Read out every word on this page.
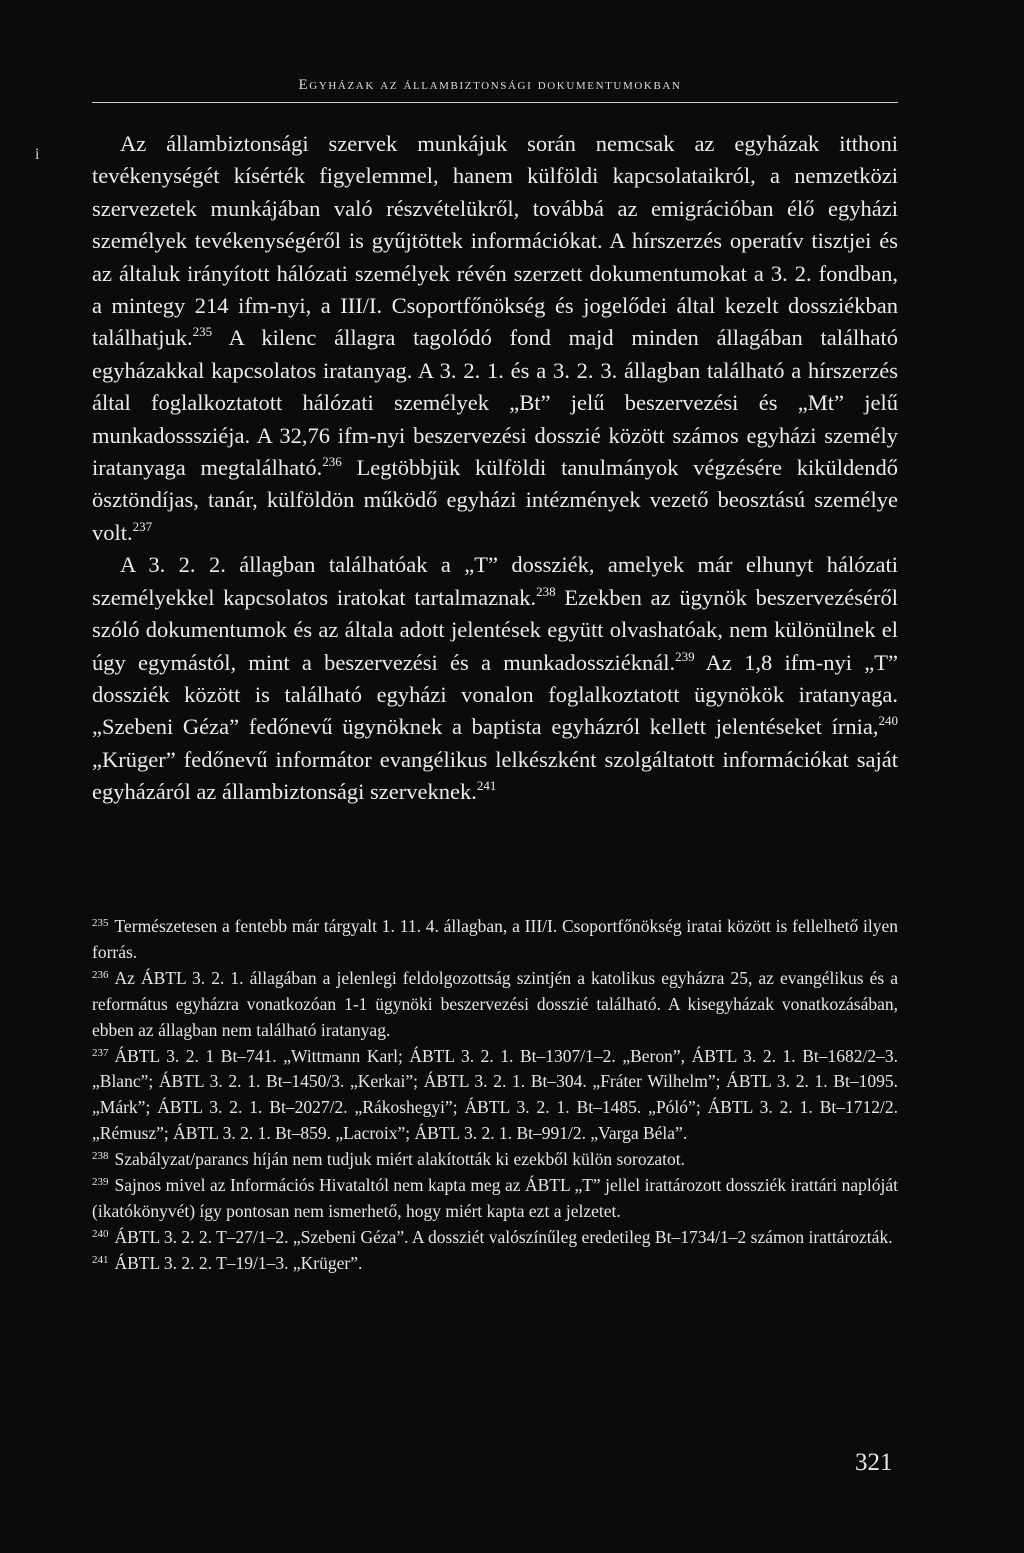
Egyházak az állambiztonsági dokumentumokban
i	Az állambiztonsági szervek munkájuk során nemcsak az egyházak itthoni tevékenységét kísérték figyelemmel, hanem külföldi kapcsolataikról, a nemzetközi szervezetek munkájában való részvételükről, továbbá az emigrációban élő egyházi személyek tevékenységéről is gyűjtöttek információkat. A hírszerzés operatív tisztjei és az általuk irányított hálózati személyek révén szerzett dokumentumokat a 3. 2. fondban, a mintegy 214 ifm-nyi, a III/I. Csoportfőnökség és jogelődei által kezelt dossziékban találhatjuk.$^{235}$ A kilenc állagra tagolódó fond majd minden állagában található egyházakkal kapcsolatos iratanyag. A 3. 2. 1. és a 3. 2. 3. állagban található a hírszerzés által foglalkoztatott hálózati személyek „Bt” jelű beszervezési és „Mt” jelű munkadosssziéja. A 32,76 ifm-nyi beszervezési dosszié között számos egyházi személy iratanyaga megtalálható.$^{236}$ Legtöbbjük külföldi tanulmányok végzésére kiküldendő ösztöndíjas, tanár, külföldön működő egyházi intézmények vezető beosztású személye volt.$^{237}$

A 3. 2. 2. állagban találhatóak a „T” dossziék, amelyek már elhunyt hálózati személyekkel kapcsolatos iratokat tartalmaznak.$^{238}$ Ezekben az ügynök beszervezéséről szóló dokumentumok és az általa adott jelentések együtt olvashatóak, nem különülnek el úgy egymástól, mint a beszervezési és a munkadossziéknál.$^{239}$ Az 1,8 ifm-nyi „T” dossziék között is található egyházi vonalon foglalkoztatott ügynökök iratanyaga. „Szebeni Géza” fedőnevű ügynöknek a baptista egyházról kellett jelentéseket írnia,$^{240}$ „Krüger” fedőnevű informátor evangélikus lelkészként szolgáltatott információkat saját egyházáról az állambiztonsági szerveknek.$^{241}$

$^{235}$ Természetesen a fentebb már tárgyalt 1. 11. 4. állagban, a III/I. Csoportfőnökség iratai között is fellelhető ilyen forrás.

$^{236}$ Az ÁBTL 3. 2. 1. állagában a jelenlegi feldolgozottság szintjén a katolikus egyházra 25, az evangélikus és a református egyházra vonatkozóan 1-1 ügynöki beszervezési dosszié található. A kisegyházak vonatkozásában, ebben az állagban nem található iratanyag.

$^{237}$ ÁBTL 3. 2. 1 Bt–741. „Wittmann Karl; ÁBTL 3. 2. 1. Bt–1307/1–2. „Beron”, ÁBTL 3. 2. 1. Bt–1682/2–3. „Blanc”; ÁBTL 3. 2. 1. Bt–1450/3. „Kerkai”; ÁBTL 3. 2. 1. Bt–304. „Fráter Wilhelm”; ÁBTL 3. 2. 1. Bt–1095. „Márk”; ÁBTL 3. 2. 1. Bt–2027/2. „Rákoshegyi”; ÁBTL 3. 2. 1. Bt–1485. „Póló”; ÁBTL 3. 2. 1. Bt–1712/2. „Rémusz”; ÁBTL 3. 2. 1. Bt–859. „Lacroix”; ÁBTL 3. 2. 1. Bt–991/2. „Varga Béla”.

$^{238}$ Szabályzat/parancs híján nem tudjuk miért alakították ki ezekből külön sorozatot.

$^{239}$ Sajnos mivel az Információs Hivataltól nem kapta meg az ÁBTL „T” jellel irattározott dossziék irattári naplóját (ikatókönyvét) így pontosan nem ismerhető, hogy miért kapta ezt a jelzetet.

$^{240}$ ÁBTL 3. 2. 2. T–27/1–2. „Szebeni Géza”. A dossziét valószínűleg eredetileg Bt–1734/1–2 számon irattározták.

$^{241}$ ÁBTL 3. 2. 2. T–19/1–3. „Krüger”.

321
